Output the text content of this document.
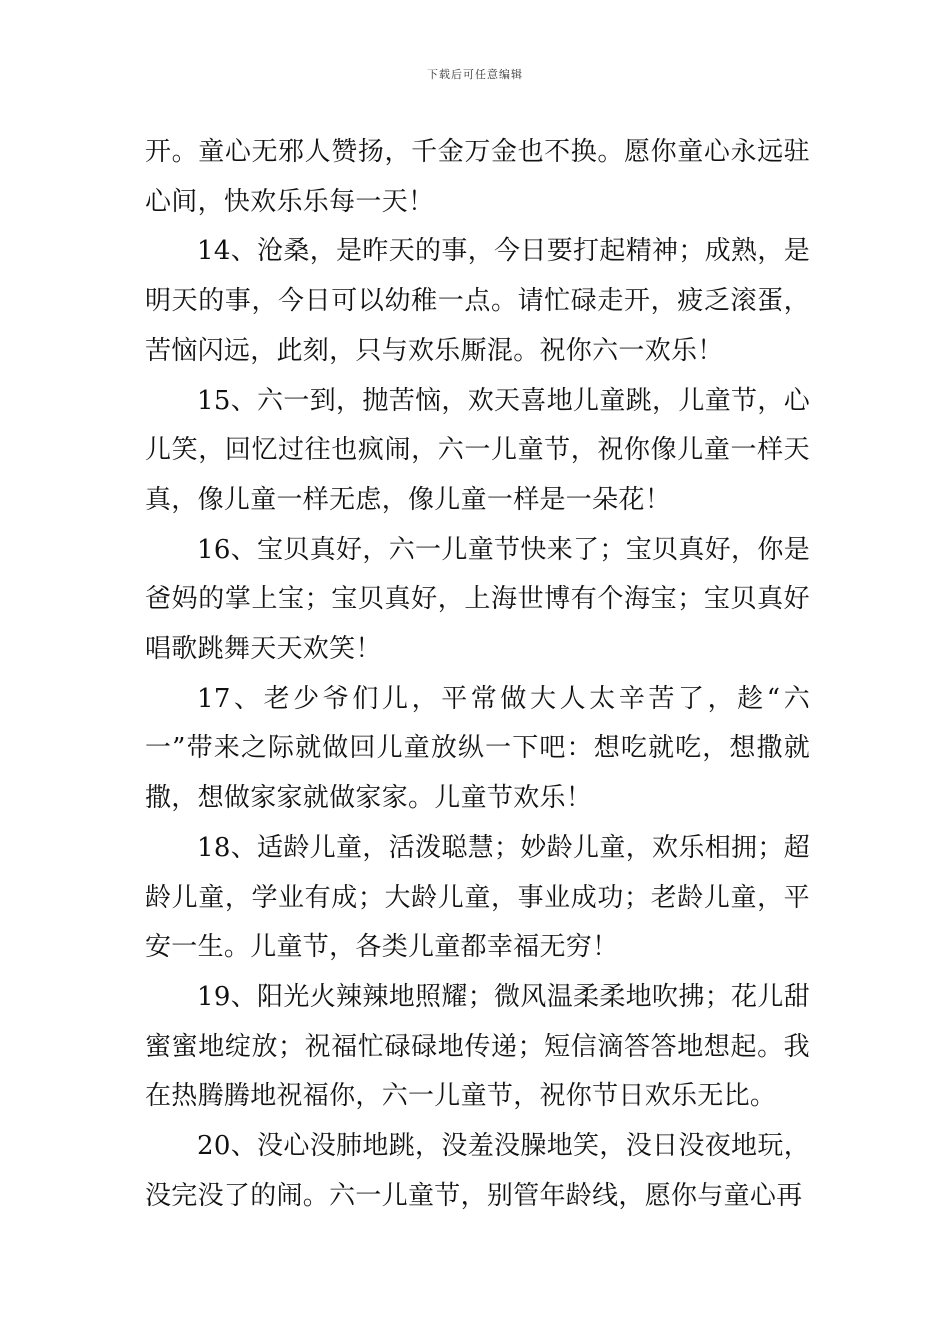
下载后可任意编辑

开。童心无邪人赞扬，千金万金也不换。愿你童心永远驻心间，快欢乐乐每一天！

14、沧桑，是昨天的事，今日要打起精神；成熟，是明天的事，今日可以幼稚一点。请忙碌走开，疲乏滚蛋，苦恼闪远，此刻，只与欢乐厮混。祝你六一欢乐！

15、六一到，抛苦恼，欢天喜地儿童跳，儿童节，心儿笑，回忆过往也疯闹，六一儿童节，祝你像儿童一样天真，像儿童一样无虑，像儿童一样是一朵花！

16、宝贝真好，六一儿童节快来了；宝贝真好，你是爸妈的掌上宝；宝贝真好，上海世博有个海宝；宝贝真好唱歌跳舞天天欢笑！

17、老少爷们儿，平常做大人太辛苦了，趁“六一”带来之际就做回儿童放纵一下吧：想吃就吃，想撒就撒，想做家家就做家家。儿童节欢乐！

18、适龄儿童，活泼聪慧；妙龄儿童，欢乐相拥；超龄儿童，学业有成；大龄儿童，事业成功；老龄儿童，平安一生。儿童节，各类儿童都幸福无穷！

19、阳光火辣辣地照耀；微风温柔柔地吹拂；花儿甜蜜蜜地绽放；祝福忙碌碌地传递；短信滴答答地想起。我在热腾腾地祝福你，六一儿童节，祝你节日欢乐无比。

20、没心没肺地跳，没羞没臊地笑，没日没夜地玩，没完没了的闹。六一儿童节，别管年龄线，愿你与童心再
